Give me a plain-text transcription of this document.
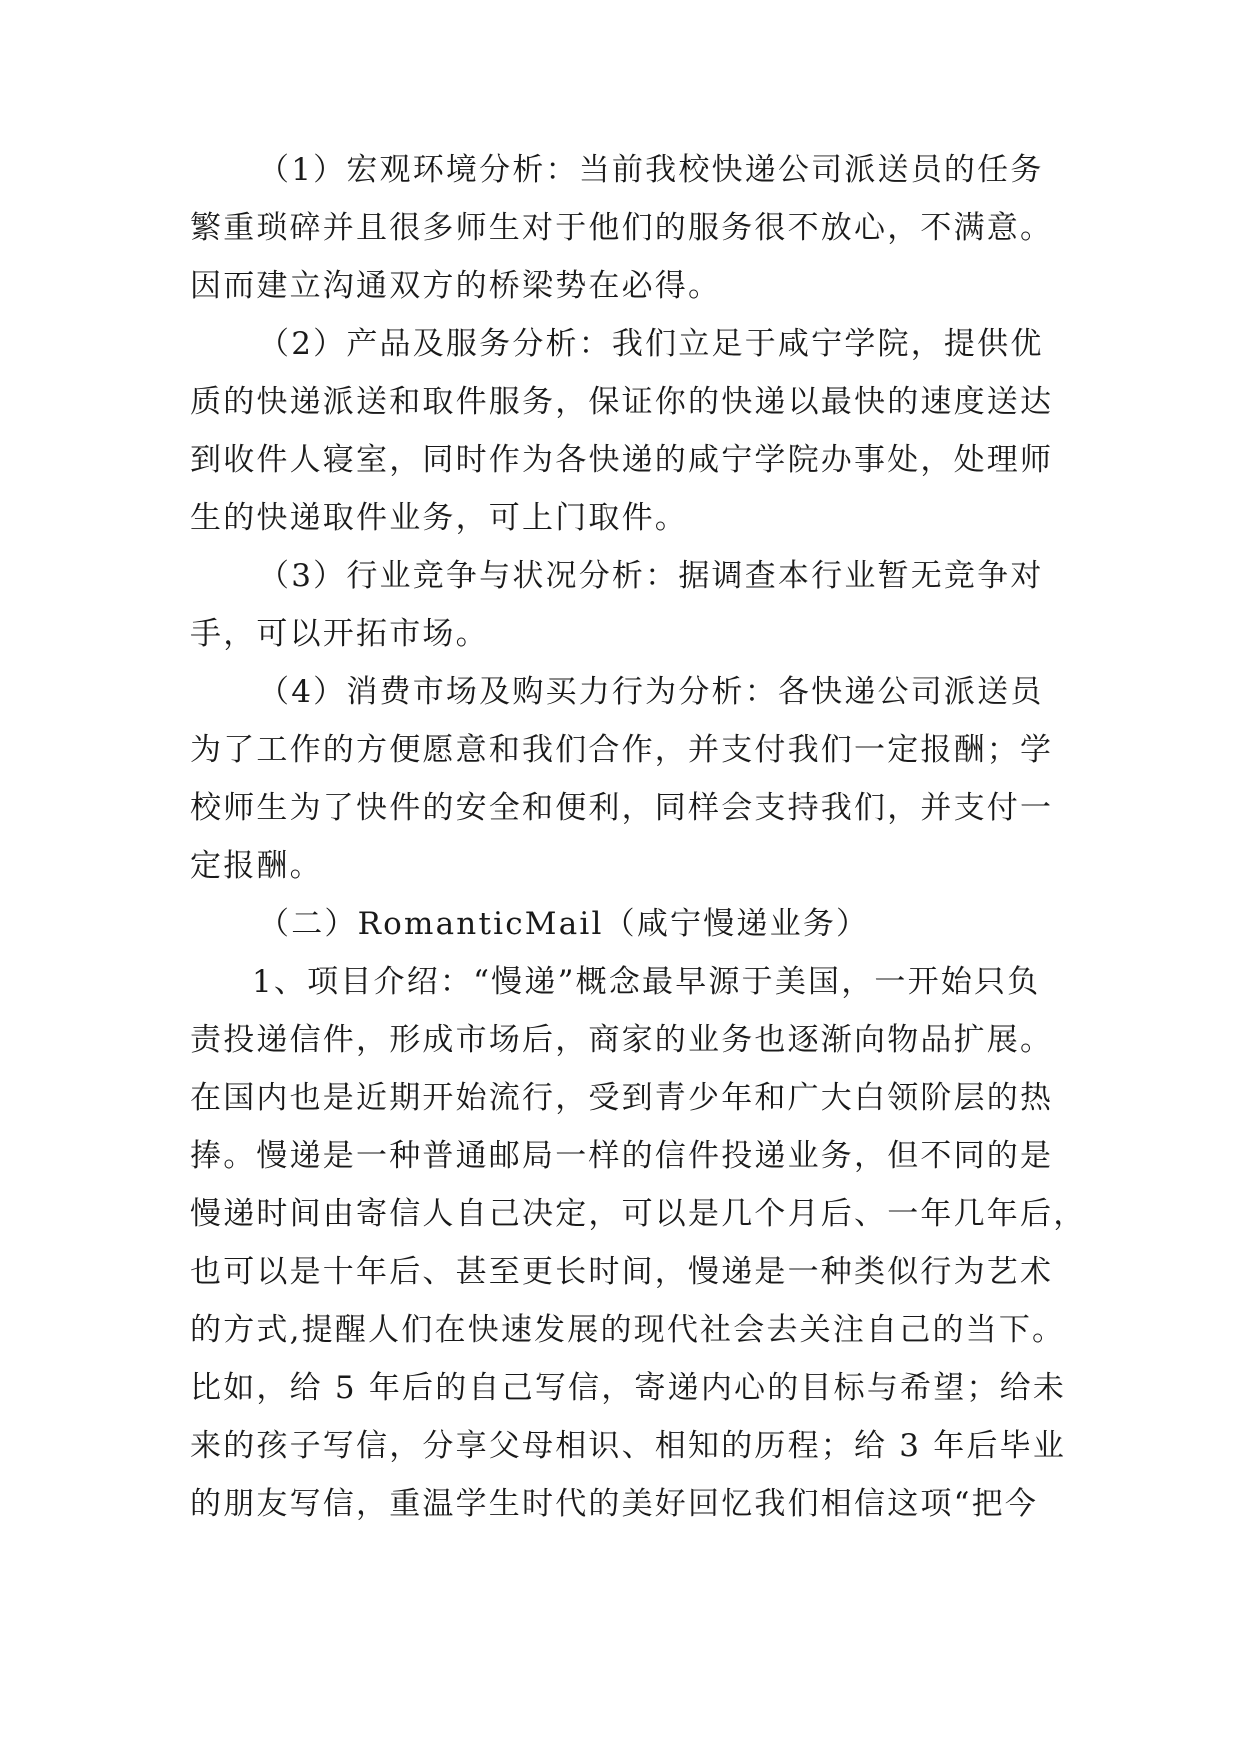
（1）宏观环境分析：当前我校快递公司派送员的任务

繁重琐碎并且很多师生对于他们的服务很不放心，不满意。

因而建立沟通双方的桥梁势在必得。

（2）产品及服务分析：我们立足于咸宁学院，提供优

质的快递派送和取件服务，保证你的快递以最快的速度送达

到收件人寝室，同时作为各快递的咸宁学院办事处，处理师

生的快递取件业务，可上门取件。

（3）行业竞争与状况分析：据调查本行业暂无竞争对

手，可以开拓市场。

（4）消费市场及购买力行为分析：各快递公司派送员

为了工作的方便愿意和我们合作，并支付我们一定报酬；学

校师生为了快件的安全和便利，同样会支持我们，并支付一

定报酬。

（二）RomanticMail（咸宁慢递业务）

1、项目介绍：“慢递”概念最早源于美国，一开始只负

责投递信件，形成市场后，商家的业务也逐渐向物品扩展。

在国内也是近期开始流行，受到青少年和广大白领阶层的热

捧。慢递是一种普通邮局一样的信件投递业务，但不同的是

慢递时间由寄信人自己决定，可以是几个月后、一年几年后，

也可以是十年后、甚至更长时间，慢递是一种类似行为艺术

的方式,提醒人们在快速发展的现代社会去关注自己的当下。

比如，给 5 年后的自己写信，寄递内心的目标与希望；给未

来的孩子写信，分享父母相识、相知的历程；给 3 年后毕业

的朋友写信，重温学生时代的美好回忆我们相信这项“把今
